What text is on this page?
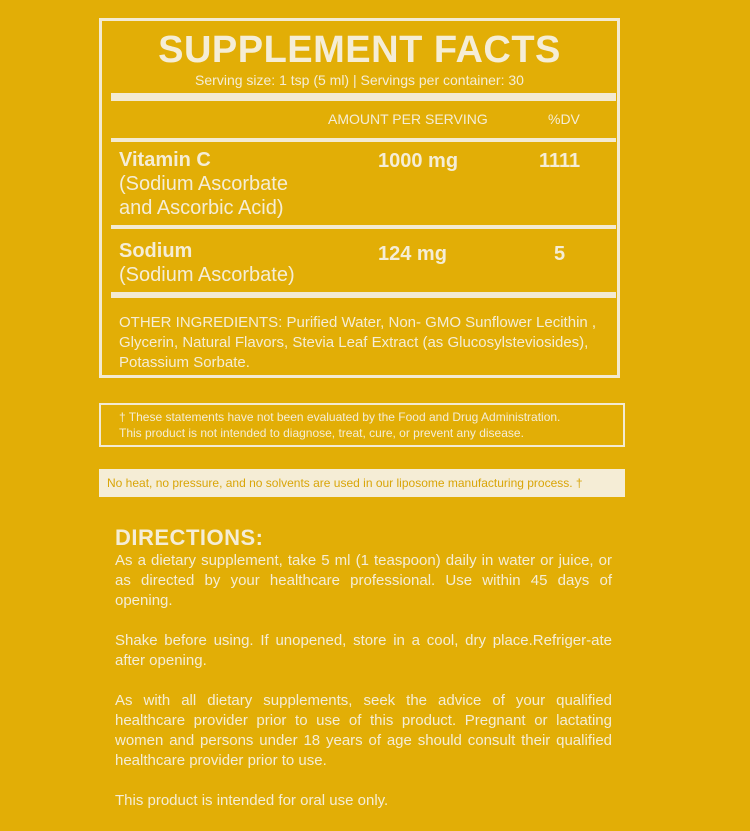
SUPPLEMENT FACTS
Serving size: 1 tsp (5 ml) | Servings per container: 30
AMOUNT PER SERVING	%DV
Vitamin C
(Sodium Ascorbate
and Ascorbic Acid)
1000 mg	1111
Sodium
(Sodium Ascorbate)
124 mg	5
OTHER INGREDIENTS: Purified Water, Non- GMO Sunflower Lecithin , Glycerin, Natural Flavors, Stevia Leaf Extract (as Glucosylsteviosides), Potassium Sorbate.
† These statements have not been evaluated by the Food and Drug Administration.
This product is not intended to diagnose, treat, cure, or prevent any disease.
No heat, no pressure, and no solvents are used in our liposome manufacturing process. †
DIRECTIONS:

As a dietary supplement, take 5 ml (1 teaspoon) daily in water or juice, or as directed by your healthcare professional. Use within 45 days of opening.

Shake before using. If unopened, store in a cool, dry place.Refriger-ate after opening.

As with all dietary supplements, seek the advice of your qualified healthcare provider prior to use of this product. Pregnant or lactating women and persons under 18 years of age should consult their qualified healthcare provider prior to use.

This product is intended for oral use only.
